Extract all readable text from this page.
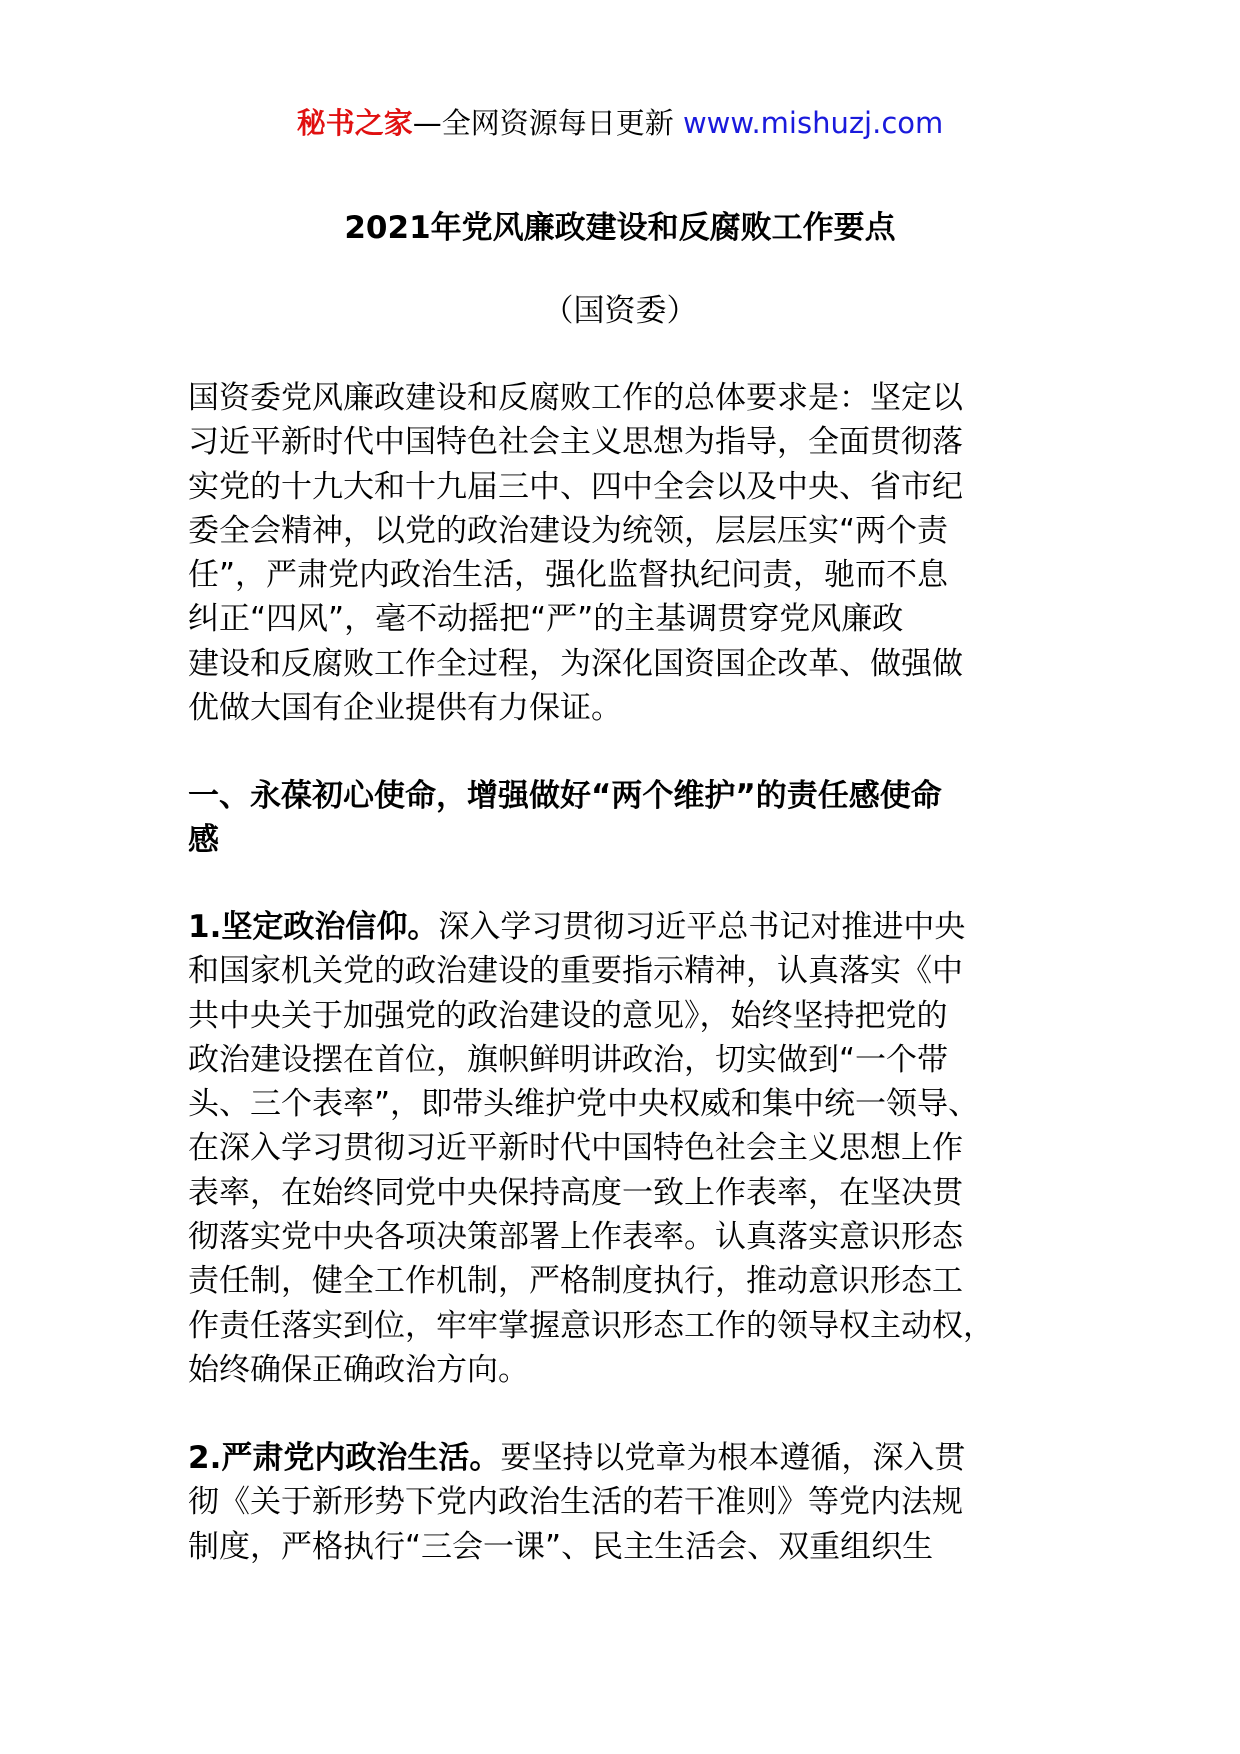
秘书之家—全网资源每日更新 www.mishuzj.com
2021年党风廉政建设和反腐败工作要点
（国资委）
国资委党风廉政建设和反腐败工作的总体要求是：坚定以
习近平新时代中国特色社会主义思想为指导，全面贯彻落
实党的十九大和十九届三中、四中全会以及中央、省市纪
委全会精神，以党的政治建设为统领，层层压实“两个责
任”，严肃党内政治生活，强化监督执纪问责，驰而不息
纠正“四风”，毫不动摇把“严”的主基调贯穿党风廉政
建设和反腐败工作全过程，为深化国资国企改革、做强做
优做大国有企业提供有力保证。
一、永葆初心使命，增强做好“两个维护”的责任感使命
感
1.坚定政治信仰。深入学习贯彻习近平总书记对推进中央
和国家机关党的政治建设的重要指示精神，认真落实《中
共中央关于加强党的政治建设的意见》，始终坚持把党的
政治建设摆在首位，旗帜鲜明讲政治，切实做到“一个带
头、三个表率”，即带头维护党中央权威和集中统一领导、
在深入学习贯彻习近平新时代中国特色社会主义思想上作
表率，在始终同党中央保持高度一致上作表率，在坚决贯
彻落实党中央各项决策部署上作表率。认真落实意识形态
责任制，健全工作机制，严格制度执行，推动意识形态工
作责任落实到位，牢牢掌握意识形态工作的领导权主动权，
始终确保正确政治方向。
2.严肃党内政治生活。要坚持以党章为根本遵循，深入贯
彻《关于新形势下党内政治生活的若干准则》等党内法规
制度，严格执行“三会一课”、民主生活会、双重组织生
